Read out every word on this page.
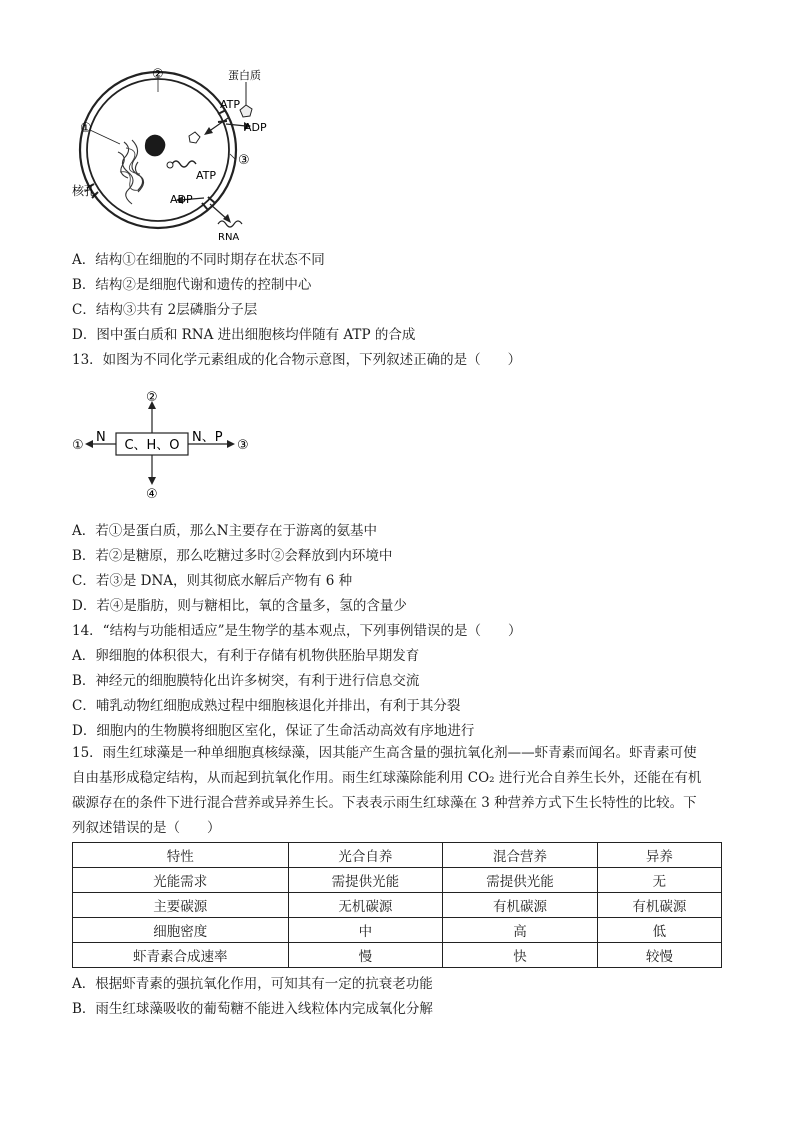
②	蛋白质
ATP
ADP
①
③
ATP
ADP
核孔
RNA
A．结构①在细胞的不同时期存在状态不同
B．结构②是细胞代谢和遗传的控制中心
C．结构③共有 2层磷脂分子层
D．图中蛋白质和 RNA 进出细胞核均伴随有 ATP 的合成
13．如图为不同化学元素组成的化合物示意图，下列叙述正确的是（　　）
C、H、O
②
④
N
①
N、P
③
A．若①是蛋白质，那么N主要存在于游离的氨基中
B．若②是糖原，那么吃糖过多时②会释放到内环境中
C．若③是 DNA，则其彻底水解后产物有 6 种
D．若④是脂肪，则与糖相比，氧的含量多，氢的含量少
14．“结构与功能相适应”是生物学的基本观点，下列事例错误的是（　　）
A．卵细胞的体积很大，有利于存储有机物供胚胎早期发育
B．神经元的细胞膜特化出许多树突，有利于进行信息交流
C．哺乳动物红细胞成熟过程中细胞核退化并排出，有利于其分裂
D．细胞内的生物膜将细胞区室化，保证了生命活动高效有序地进行
15．雨生红球藻是一种单细胞真核绿藻，因其能产生高含量的强抗氧化剂——虾青素而闻名。虾青素可使
自由基形成稳定结构，从而起到抗氧化作用。雨生红球藻除能利用 CO₂ 进行光合自养生长外，还能在有机
碳源存在的条件下进行混合营养或异养生长。下表表示雨生红球藻在 3 种营养方式下生长特性的比较。下
列叙述错误的是（　　）
特性	光合自养	混合营养	异养
光能需求	需提供光能	需提供光能	无
主要碳源	无机碳源	有机碳源	有机碳源
细胞密度	中	高	低
虾青素合成速率	慢	快	较慢
A．根据虾青素的强抗氧化作用，可知其有一定的抗衰老功能
B．雨生红球藻吸收的葡萄糖不能进入线粒体内完成氧化分解
